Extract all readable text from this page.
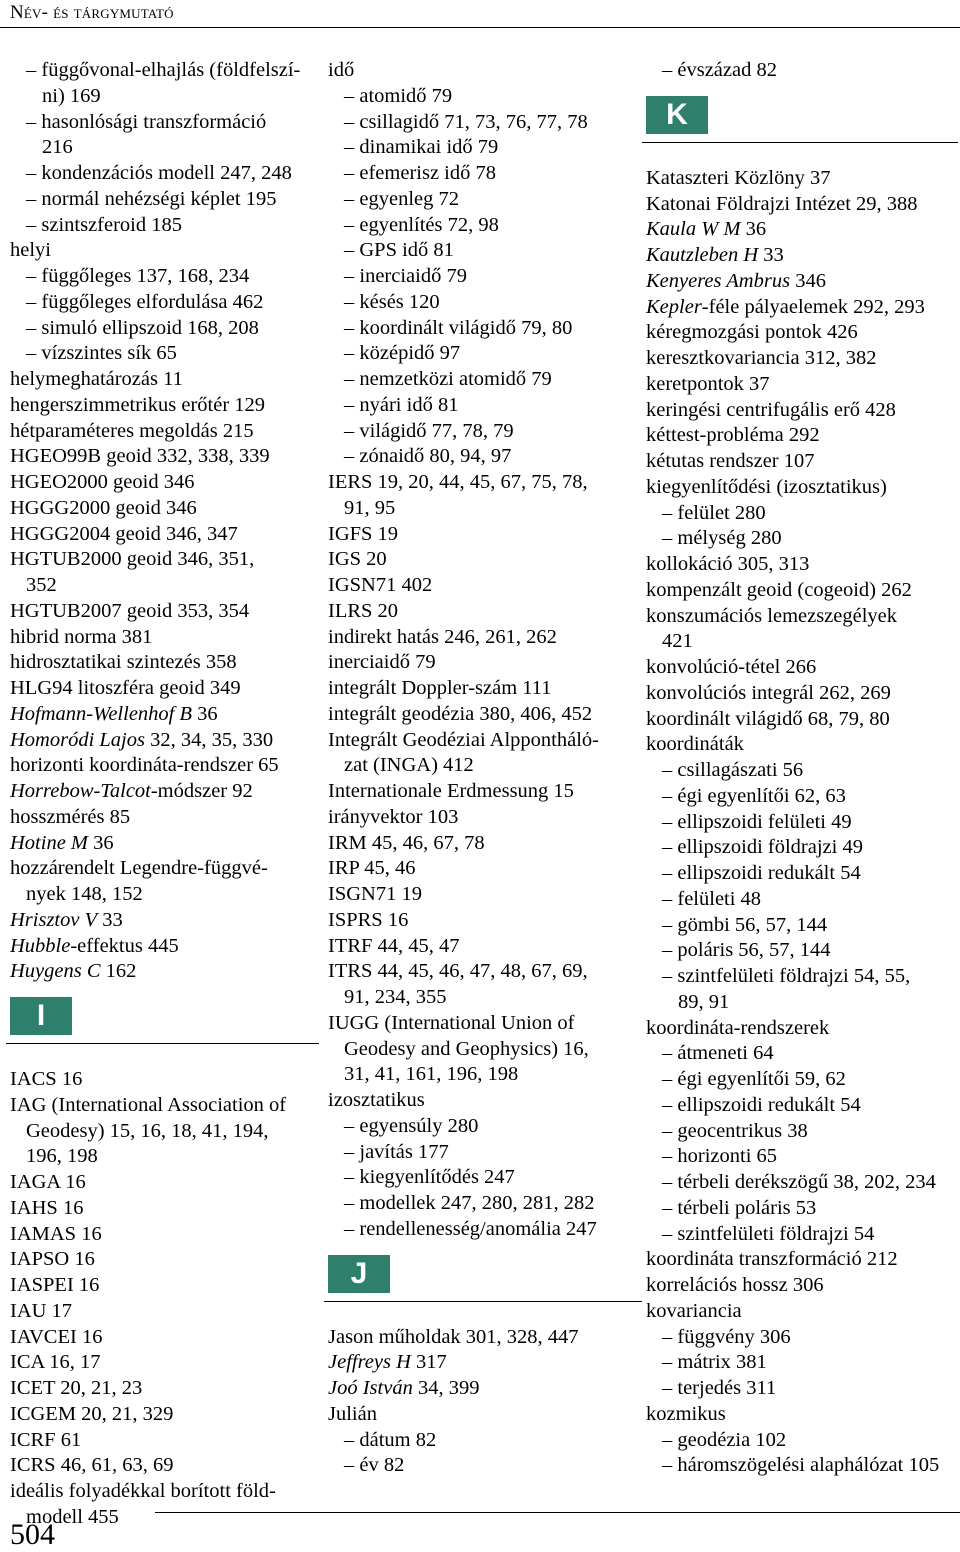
Név- és tárgymutató
– függővonal-elhajlás (földfelszí-
ni) 169
– hasonlósági transzformáció
216
– kondenzációs modell 247, 248
– normál nehézségi képlet 195
– szintszferoid 185
helyi
– függőleges 137, 168, 234
– függőleges elfordulása 462
– simuló ellipszoid 168, 208
– vízszintes sík 65
helymeghatározás 11
hengerszimmetrikus erőtér 129
hétparaméteres megoldás 215
HGEO99B geoid 332, 338, 339
HGEO2000 geoid 346
HGGG2000 geoid 346
HGGG2004 geoid 346, 347
HGTUB2000 geoid 346, 351,
352
HGTUB2007 geoid 353, 354
hibrid norma 381
hidrosztatikai szintezés 358
HLG94 litoszféra geoid 349
Hofmann-Wellenhof B 36
Homoródi Lajos 32, 34, 35, 330
horizonti koordináta-rendszer 65
Horrebow-Talcot-módszer 92
hosszmérés 85
Hotine M 36
hozzárendelt Legendre-függvé-
nyek 148, 152
Hrisztov V 33
Hubble-effektus 445
Huygens C 162
I
IACS 16
IAG (International Association of
Geodesy) 15, 16, 18, 41, 194,
196, 198
IAGA 16
IAHS 16
IAMAS 16
IAPSO 16
IASPEI 16
IAU 17
IAVCEI 16
ICA 16, 17
ICET 20, 21, 23
ICGEM 20, 21, 329
ICRF 61
ICRS 46, 61, 63, 69
ideális folyadékkal borított föld-
modell 455
idő
– atomidő 79
– csillagidő 71, 73, 76, 77, 78
– dinamikai idő 79
– efemerisz idő 78
– egyenleg 72
– egyenlítés 72, 98
– GPS idő 81
– inerciaidő 79
– késés 120
– koordinált világidő 79, 80
– középidő 97
– nemzetközi atomidő 79
– nyári idő 81
– világidő 77, 78, 79
– zónaidő 80, 94, 97
IERS 19, 20, 44, 45, 67, 75, 78,
91, 95
IGFS 19
IGS 20
IGSN71 402
ILRS 20
indirekt hatás 246, 261, 262
inerciaidő 79
integrált Doppler-szám 111
integrált geodézia 380, 406, 452
Integrált Geodéziai Alpponthálό-
zat (INGA) 412
Internationale Erdmessung 15
irányvektor 103
IRM 45, 46, 67, 78
IRP 45, 46
ISGN71 19
ISPRS 16
ITRF 44, 45, 47
ITRS 44, 45, 46, 47, 48, 67, 69,
91, 234, 355
IUGG (International Union of
Geodesy and Geophysics) 16,
31, 41, 161, 196, 198
izosztatikus
– egyensúly 280
– javítás 177
– kiegyenlítődés 247
– modellek 247, 280, 281, 282
– rendellenesség/anomália 247
J
Jason műholdak 301, 328, 447
Jeffreys H 317
Joó István 34, 399
Julián
– dátum 82
– év 82
– évszázad 82
K
Kataszteri Közlöny 37
Katonai Földrajzi Intézet 29, 388
Kaula W M 36
Kautzleben H 33
Kenyeres Ambrus 346
Kepler-féle pályaelemek 292, 293
kéregmozgási pontok 426
keresztkovariancia 312, 382
keretpontok 37
keringési centrifugális erő 428
kéttest-probléma 292
kétutas rendszer 107
kiegyenlítődési (izosztatikus)
– felület 280
– mélység 280
kollokáció 305, 313
kompenzált geoid (cogeoid) 262
konszumációs lemezszegélyek
421
konvolúció-tétel 266
konvolúciós integrál 262, 269
koordinált világidő 68, 79, 80
koordináták
– csillagászati 56
– égi egyenlítői 62, 63
– ellipszoidi felületi 49
– ellipszoidi földrajzi 49
– ellipszoidi redukált 54
– felületi 48
– gömbi 56, 57, 144
– poláris 56, 57, 144
– szintfelületi földrajzi 54, 55,
89, 91
koordináta-rendszerek
– átmeneti 64
– égi egyenlítői 59, 62
– ellipszoidi redukált 54
– geocentrikus 38
– horizonti 65
– térbeli derékszögű 38, 202, 234
– térbeli poláris 53
– szintfelületi földrajzi 54
koordináta transzformáció 212
korrelációs hossz 306
kovariancia
– függvény 306
– mátrix 381
– terjedés 311
kozmikus
– geodézia 102
– háromszögelési alaphálózat 105
504
